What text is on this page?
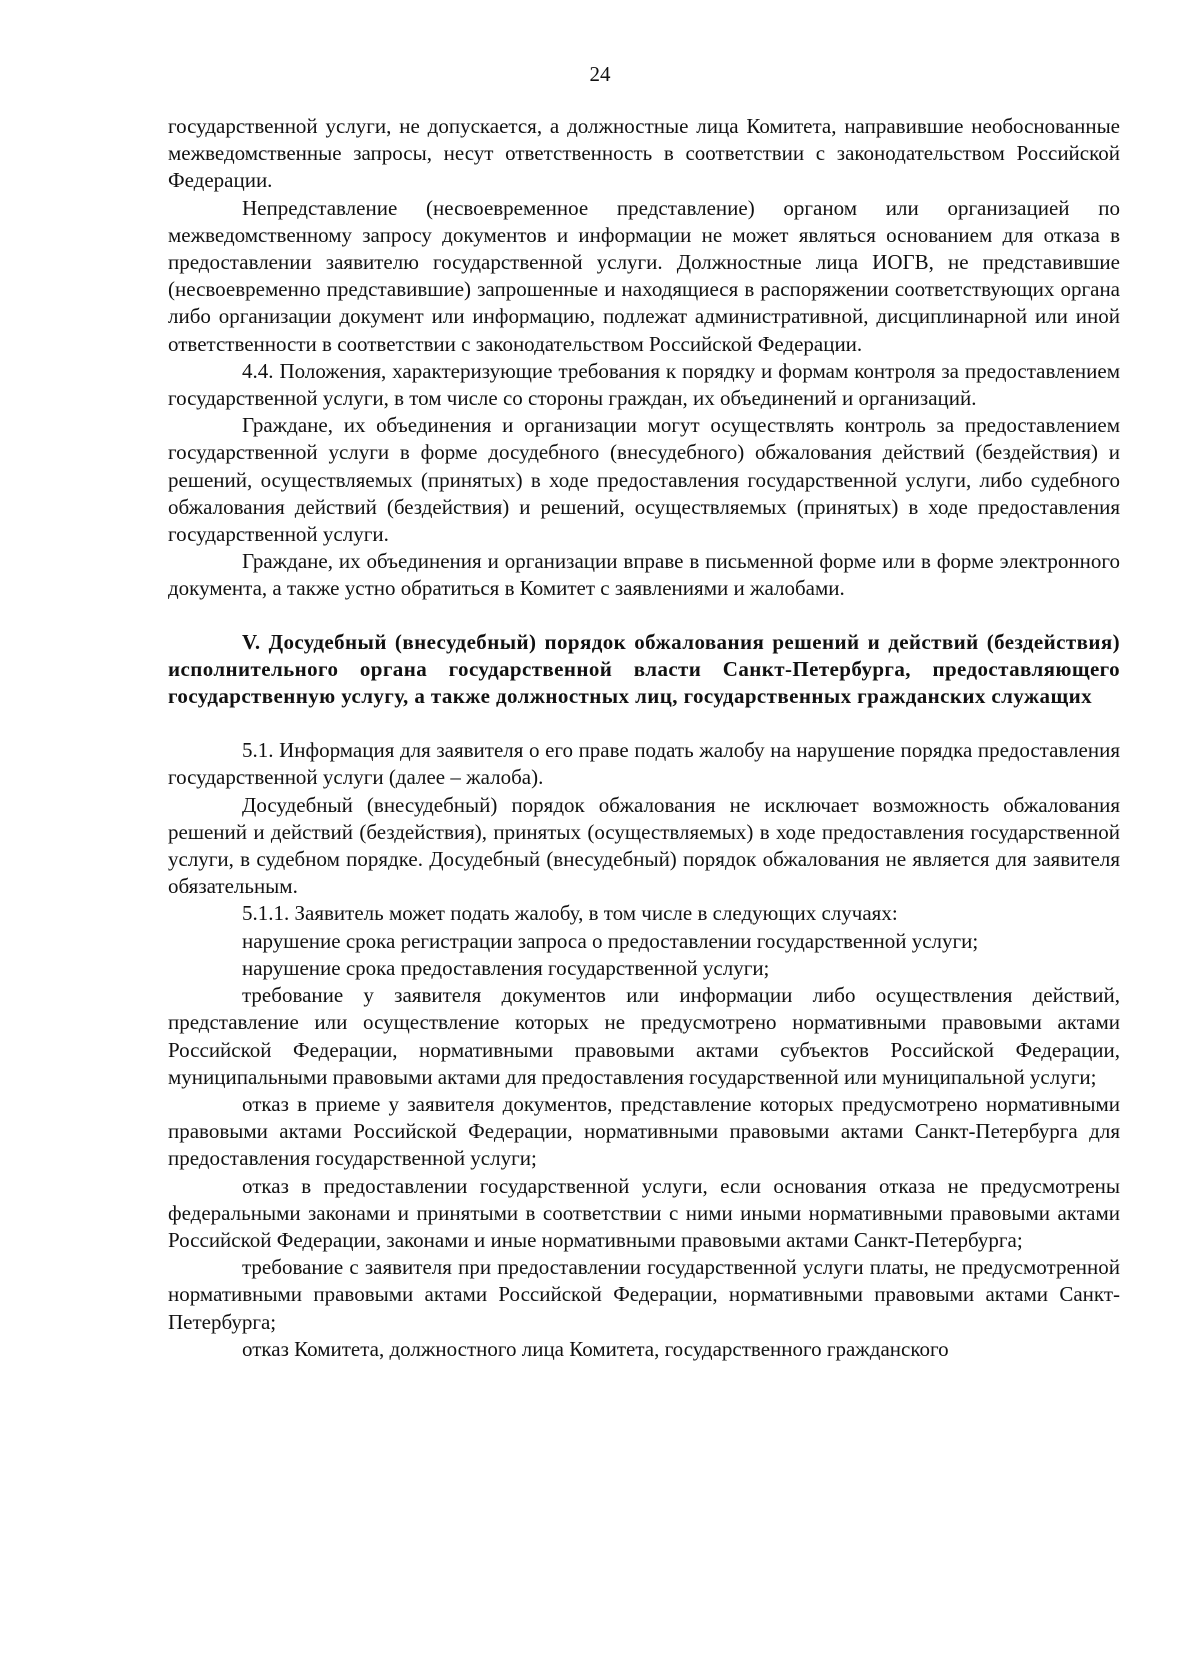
24

государственной услуги, не допускается, а должностные лица Комитета, направившие необоснованные межведомственные запросы, несут ответственность в соответствии с законодательством Российской Федерации.

Непредставление (несвоевременное представление) органом или организацией по межведомственному запросу документов и информации не может являться основанием для отказа в предоставлении заявителю государственной услуги. Должностные лица ИОГВ, не представившие (несвоевременно представившие) запрошенные и находящиеся в распоряжении соответствующих органа либо организации документ или информацию, подлежат административной, дисциплинарной или иной ответственности в соответствии с законодательством Российской Федерации.

4.4. Положения, характеризующие требования к порядку и формам контроля за предоставлением государственной услуги, в том числе со стороны граждан, их объединений и организаций.

Граждане, их объединения и организации могут осуществлять контроль за предоставлением государственной услуги в форме досудебного (внесудебного) обжалования действий (бездействия) и решений, осуществляемых (принятых) в ходе предоставления государственной услуги, либо судебного обжалования действий (бездействия) и решений, осуществляемых (принятых) в ходе предоставления государственной услуги.

Граждане, их объединения и организации вправе в письменной форме или в форме электронного документа, а также устно обратиться в Комитет с заявлениями и жалобами.

V. Досудебный (внесудебный) порядок обжалования решений и действий (бездействия) исполнительного органа государственной власти Санкт-Петербурга, предоставляющего государственную услугу, а также должностных лиц, государственных гражданских служащих

5.1. Информация для заявителя о его праве подать жалобу на нарушение порядка предоставления государственной услуги (далее – жалоба).

Досудебный (внесудебный) порядок обжалования не исключает возможность обжалования решений и действий (бездействия), принятых (осуществляемых) в ходе предоставления государственной услуги, в судебном порядке. Досудебный (внесудебный) порядок обжалования не является для заявителя обязательным.

5.1.1. Заявитель может подать жалобу, в том числе в следующих случаях:

нарушение срока регистрации запроса о предоставлении государственной услуги;

нарушение срока предоставления государственной услуги;

требование у заявителя документов или информации либо осуществления действий, представление или осуществление которых не предусмотрено нормативными правовыми актами Российской Федерации, нормативными правовыми актами субъектов Российской Федерации, муниципальными правовыми актами для предоставления государственной или муниципальной услуги;

отказ в приеме у заявителя документов, представление которых предусмотрено нормативными правовыми актами Российской Федерации, нормативными правовыми актами Санкт-Петербурга для предоставления государственной услуги;

отказ в предоставлении государственной услуги, если основания отказа не предусмотрены федеральными законами и принятыми в соответствии с ними иными нормативными правовыми актами Российской Федерации, законами и иные нормативными правовыми актами Санкт-Петербурга;

требование с заявителя при предоставлении государственной услуги платы, не предусмотренной нормативными правовыми актами Российской Федерации, нормативными правовыми актами Санкт-Петербурга;

отказ Комитета, должностного лица Комитета, государственного гражданского
